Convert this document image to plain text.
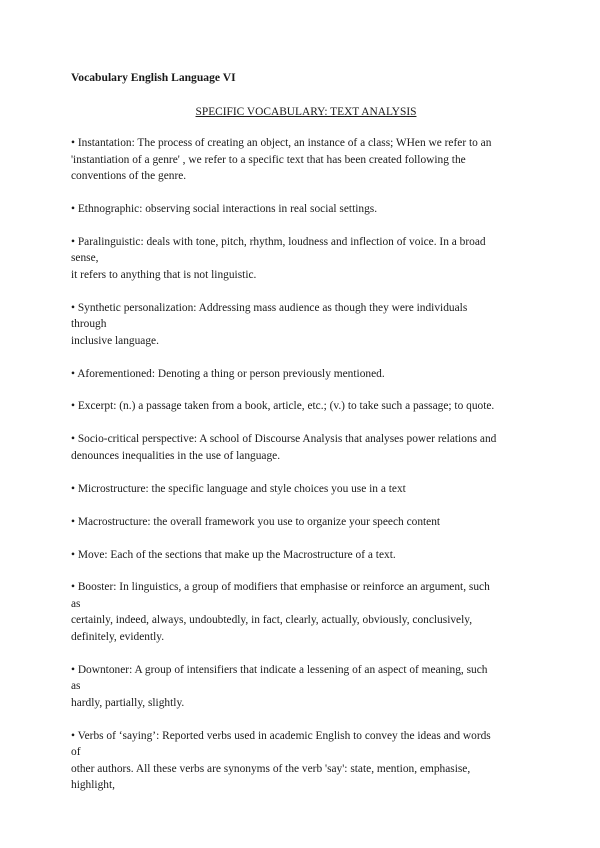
Vocabulary English Language VI
SPECIFIC VOCABULARY: TEXT ANALYSIS
• Instantation: The process of creating an object, an instance of a class; WHen we refer to an
'instantiation of a genre' , we refer to a specific text that has been created following the
conventions of the genre.
• Ethnographic: observing social interactions in real social settings.
• Paralinguistic: deals with tone, pitch, rhythm, loudness and inflection of voice. In a broad
sense,
it refers to anything that is not linguistic.
• Synthetic personalization: Addressing mass audience as though they were individuals
through
inclusive language.
• Aforementioned: Denoting a thing or person previously mentioned.
• Excerpt: (n.) a passage taken from a book, article, etc.; (v.) to take such a passage; to quote.
• Socio-critical perspective: A school of Discourse Analysis that analyses power relations and
denounces inequalities in the use of language.
• Microstructure: the specific language and style choices you use in a text
• Macrostructure: the overall framework you use to organize your speech content
• Move: Each of the sections that make up the Macrostructure of a text.
• Booster: In linguistics, a group of modifiers that emphasise or reinforce an argument, such
as
certainly, indeed, always, undoubtedly, in fact, clearly, actually, obviously, conclusively,
definitely, evidently.
• Downtoner: A group of intensifiers that indicate a lessening of an aspect of meaning, such
as
hardly, partially, slightly.
• Verbs of ‘saying’: Reported verbs used in academic English to convey the ideas and words
of
other authors. All these verbs are synonyms of the verb 'say': state, mention, emphasise,
highlight,
